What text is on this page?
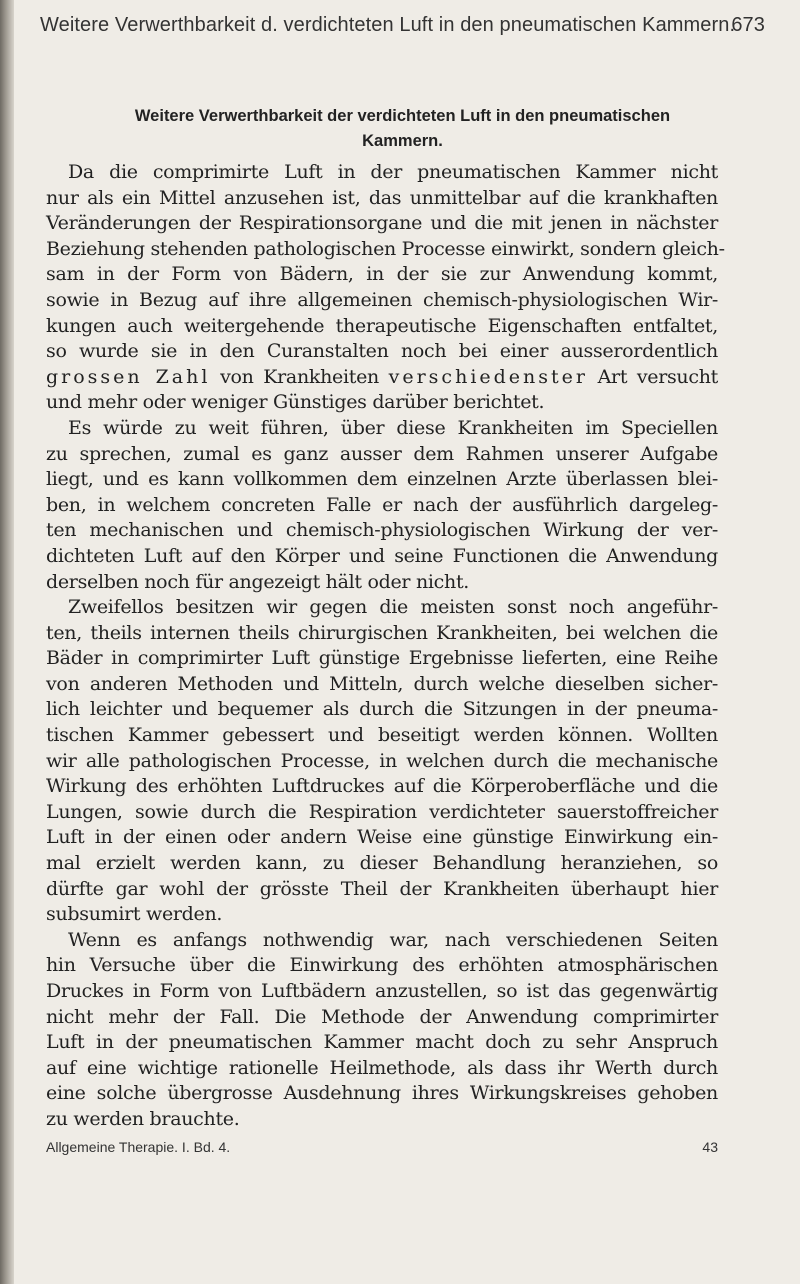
Weitere Verwerthbarkeit d. verdichteten Luft in den pneumatischen Kammern.
673
Weitere Verwerthbarkeit der verdichteten Luft in den pneumatischen
Kammern.

Da die comprimirte Luft in der pneumatischen Kammer nicht
nur als ein Mittel anzusehen ist, das unmittelbar auf die krankhaften
Veränderungen der Respirationsorgane und die mit jenen in nächster
Beziehung stehenden pathologischen Processe einwirkt, sondern gleich-
sam in der Form von Bädern, in der sie zur Anwendung kommt,
sowie in Bezug auf ihre allgemeinen chemisch-physiologischen Wir-
kungen auch weitergehende therapeutische Eigenschaften entfaltet,
so wurde sie in den Curanstalten noch bei einer ausserordentlich
grossen Zahl von Krankheiten verschiedenster Art versucht
und mehr oder weniger Günstiges darüber berichtet.

Es würde zu weit führen, über diese Krankheiten im Speciellen
zu sprechen, zumal es ganz ausser dem Rahmen unserer Aufgabe
liegt, und es kann vollkommen dem einzelnen Arzte überlassen blei-
ben, in welchem concreten Falle er nach der ausführlich dargeleg-
ten mechanischen und chemisch-physiologischen Wirkung der ver-
dichteten Luft auf den Körper und seine Functionen die Anwendung
derselben noch für angezeigt hält oder nicht.

Zweifellos besitzen wir gegen die meisten sonst noch angeführ-
ten, theils internen theils chirurgischen Krankheiten, bei welchen die
Bäder in comprimirter Luft günstige Ergebnisse lieferten, eine Reihe
von anderen Methoden und Mitteln, durch welche dieselben sicher-
lich leichter und bequemer als durch die Sitzungen in der pneuma-
tischen Kammer gebessert und beseitigt werden können. Wollten
wir alle pathologischen Processe, in welchen durch die mechanische
Wirkung des erhöhten Luftdruckes auf die Körperoberfläche und die
Lungen, sowie durch die Respiration verdichteter sauerstoffreicher
Luft in der einen oder andern Weise eine günstige Einwirkung ein-
mal erzielt werden kann, zu dieser Behandlung heranziehen, so
dürfte gar wohl der grösste Theil der Krankheiten überhaupt hier
subsumirt werden.

Wenn es anfangs nothwendig war, nach verschiedenen Seiten
hin Versuche über die Einwirkung des erhöhten atmosphärischen
Druckes in Form von Luftbädern anzustellen, so ist das gegenwärtig
nicht mehr der Fall. Die Methode der Anwendung comprimirter
Luft in der pneumatischen Kammer macht doch zu sehr Anspruch
auf eine wichtige rationelle Heilmethode, als dass ihr Werth durch
eine solche übergrosse Ausdehnung ihres Wirkungskreises gehoben
zu werden brauchte.

Allgemeine Therapie. I. Bd. 4.	43
